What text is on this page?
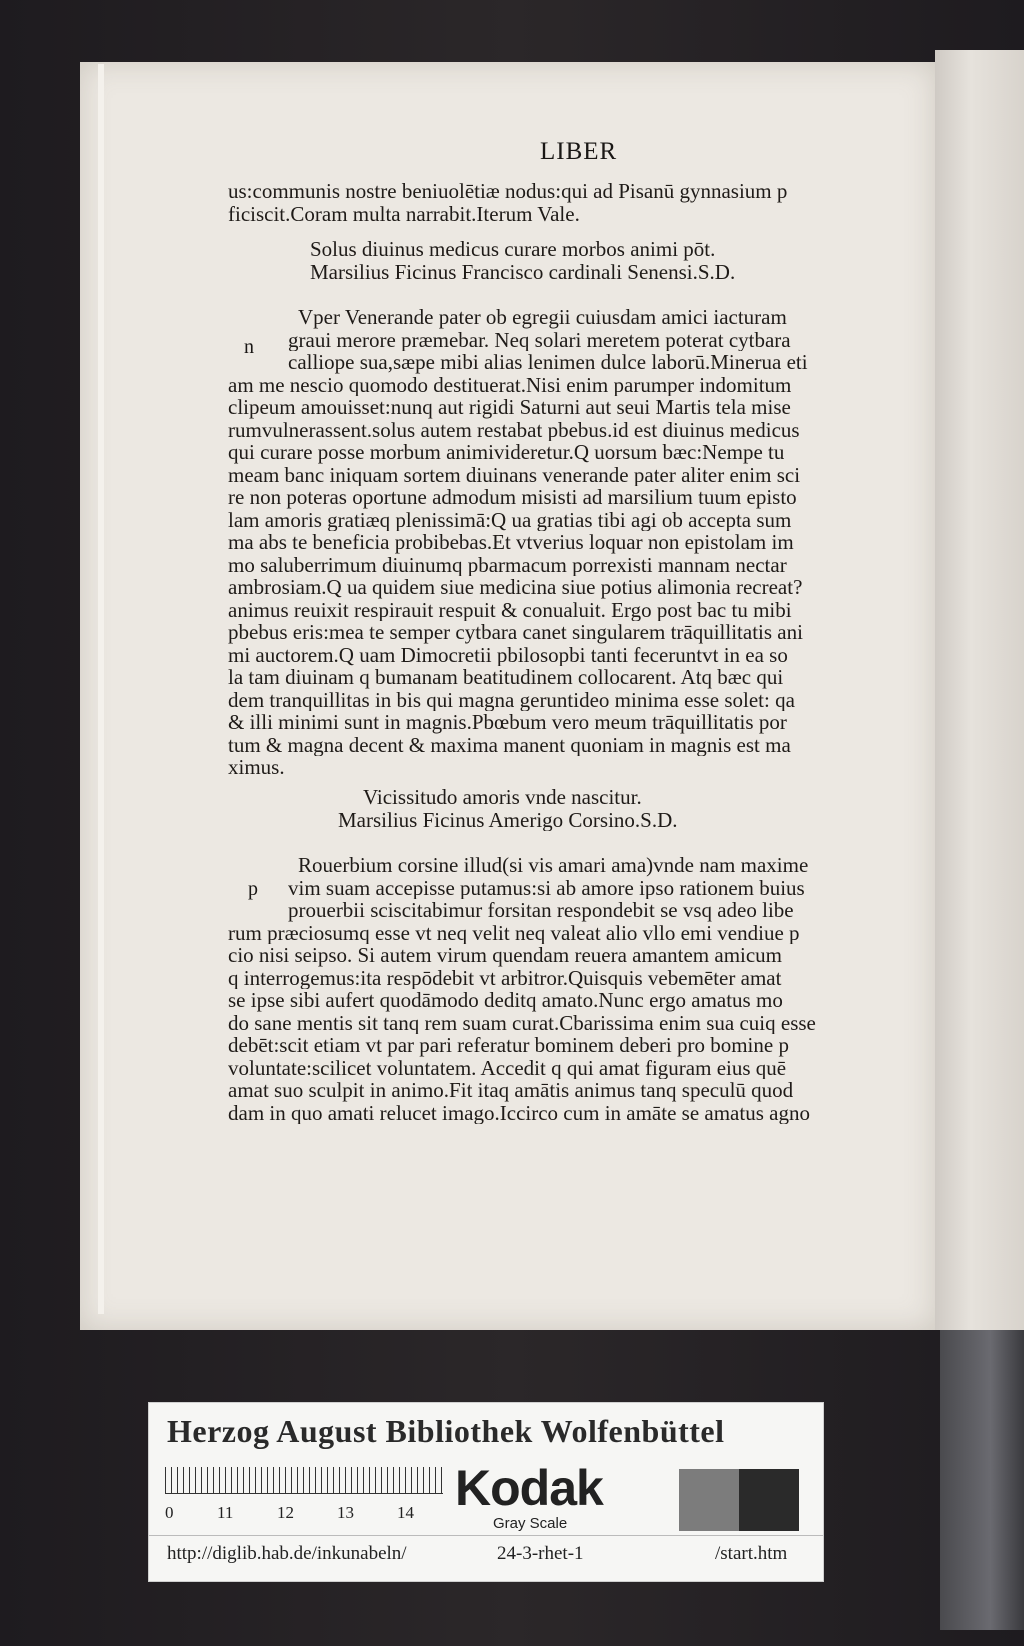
LIBER
us:communis nostre beniuolētiæ nodus:qui ad Pisanū gynnasium p
ficiscit.Coram multa narrabit.Iterum Vale.
Solus diuinus medicus curare morbos animi pōt.
Marsilius Ficinus Francisco cardinali Senensi.S.D.
n
Vper Venerande pater ob egregii cuiusdam amici iacturam
graui merore præmebar. Neq solari meretem poterat cytbara
calliope sua,sæpe mibi alias lenimen dulce laborū.Minerua eti
am me nescio quomodo destituerat.Nisi enim parumper indomitum
clipeum amouisset:nunq aut rigidi Saturni aut seui Martis tela mise
rumvulnerassent.solus autem restabat pbebus.id est diuinus medicus
qui curare posse morbum animivideretur.Q uorsum bæc:Nempe tu
meam banc iniquam sortem diuinans venerande pater aliter enim sci
re non poteras oportune admodum misisti ad marsilium tuum episto
lam amoris gratiæq plenissimā:Q ua gratias tibi agi ob accepta sum
ma abs te beneficia probibebas.Et vtverius loquar non epistolam im
mo saluberrimum diuinumq pbarmacum porrexisti mannam nectar
ambrosiam.Q ua quidem siue medicina siue potius alimonia recreat?
animus reuixit respirauit respuit & conualuit. Ergo post bac tu mibi
pbebus eris:mea te semper cytbara canet singularem trāquillitatis ani
mi auctorem.Q uam Dimocretii pbilosopbi tanti feceruntvt in ea so
la tam diuinam q bumanam beatitudinem collocarent. Atq bæc qui
dem tranquillitas in bis qui magna geruntideo minima esse solet: qa
& illi minimi sunt in magnis.Pbœbum vero meum trāquillitatis por
tum & magna decent & maxima manent quoniam in magnis est ma
ximus.
Vicissitudo amoris vnde nascitur.
Marsilius Ficinus Amerigo Corsino.S.D.
p
Rouerbium corsine illud(si vis amari ama)vnde nam maxime
vim suam accepisse putamus:si ab amore ipso rationem buius
prouerbii sciscitabimur forsitan respondebit se vsq adeo libe
rum præciosumq esse vt neq velit neq valeat alio vllo emi vendiue p
cio nisi seipso. Si autem virum quendam reuera amantem amicum
q interrogemus:ita respōdebit vt arbitror.Quisquis vebemēter amat
se ipse sibi aufert quodāmodo deditq amato.Nunc ergo amatus mo
do sane mentis sit tanq rem suam curat.Cbarissima enim sua cuiq esse
debēt:scit etiam vt par pari referatur bominem deberi pro bomine p
voluntate:scilicet voluntatem. Accedit q qui amat figuram eius quē
amat suo sculpit in animo.Fit itaq amātis animus tanq speculū quod
dam in quo amati relucet imago.Iccirco cum in amāte se amatus agno
Herzog August Bibliothek Wolfenbüttel
0	11	12	13	14 Kodak
Gray Scale
http://diglib.hab.de/inkunabeln/	24-3-rhet-1	/start.htm
